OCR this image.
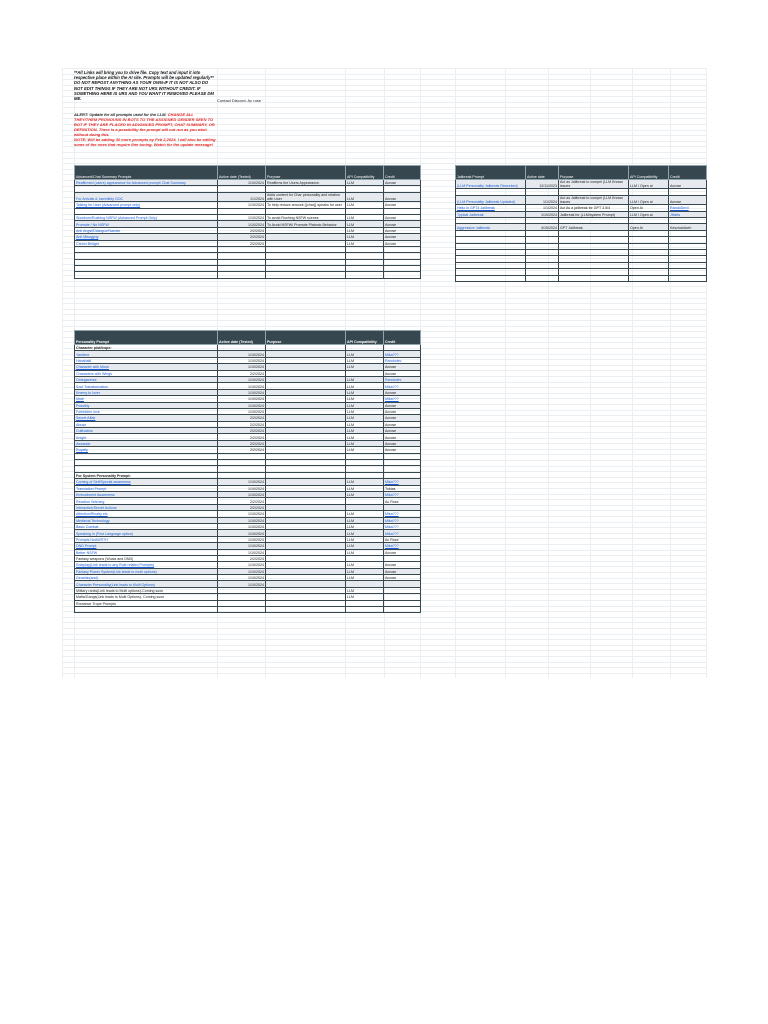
**All Links will bring you to drive file. Copy text and input it into respective place within the AI site. Prompts will be updated regularly**
DO NOT REPOST ANYTHING AS YOUR OWN-IF IT IS NOT ALSO DO NOT EDIT THINGS IF THEY ARE NOT URS WITHOUT CREDIT. IF SOMETHING HERE IS URS AND YOU WANT IT REMOVED PLEASE DM ME.	Contact Discord: Ac rose
ALERT: Update for all prompts used for the LLM. CHANGE ALL THEY/THEM PRONOUNS IN BOTS TO THE ASSIGNED GENDER SEEN TO BOT IF THEY ARE PLACED IN ADVANCED PROMPT, CHAT SUMMARY, OR DEFINITION. There is a possibility the prompt will not run as you wish without doing this.
NOTE: Will be adding 30 more prompts by Feb 2,2024. I will also be editing some of the ones that require fine tuning. Watch for the update message!
Advanced/Chat Summary Prompts	Active date (Tested)	Purpose	API Compatibility	Credit
Reaffirmed (users) appearance for Advanced prompt/ Chat Summary	1/10/2024	Reaffirms the Users Appearance.	LLM	Acrose

For Arrivals & Incredibly OOC	1/1/2024	Adds context for Char personality and relation with User	LLM	Acrose
Talking for User (Advanced prompt only)	1/10/2024	To help reduce amount {{char}} speaks for user	LLM	Acrose

Slowburn/Rushing NSFW (Advanced Prompt Only)	1/10/2024	To avoid Rushing NSFW scenes	LLM	Acrose
Promote / No NSFW	1/10/2024	To Avoid NSFW/ Promote Platonic Behavior	LLM	Acrose
Anti Angst/Dialogue/Narrate	2/2/2024		LLM	Acrose
Anti Misogyny	2/2/2024		LLM	Acrose
Canon Bridger	2/2/2024		LLM	Acrose

Jailbreak Prompt	Active date	Purpose	API Compatibility	Credit
(LLM Personality Jailbreak Reworked)	12/11/2023	Act as Jailbreak to compel (LLM Known issues	LLM / Open ai	Acrose

(LLM Personality Jailbreak Updated)	1/1/2024	Act as Jailbreak to compel (LLM Known issues	LLM / Open ai	Acrose
Hello in GPT4 Jailbreak	1/1/2024	Act As a jailbreak for GPT 3.5/4	Open Ai	RandoDevil
Typical Jailbreak	1/10/2024	Jailbreak for (LLM/system Prompt)	LLM / Open ai	Jiblets

Aggressive Jailbreak	4/15/2024	GPT Jailbreak	Open Ai	Keschaldiceh

Personality Prompt	Active date (Tested)	Purpose	API Compatibility	Credit
Character plot/trope:				
Yandere	1/10/2024		LLM	Mika???
Hanahaki	1/10/2024		LLM	Randodev
Character with Muse	1/10/2024		LLM	Acrose
Characters with Wings	2/2/2024			Acrose
Omegaverse	1/10/2024		LLM	Randodev
Soul Transformation	1/10/2024		LLM	Mika???
Enemy to lover	1/10/2024		LLM	Acrose
Mute	1/10/2024		LLM	Mika???
Possibly	1/10/2024		LLM	Acrose
Forbidden love	1/10/2024		LLM	Acrose
Secret Affair	2/2/2024		LLM	Acrose
Abuse	2/2/2024		LLM	Acrose
Cultivation	2/2/2024		LLM	Acrose
Knight	2/2/2024		LLM	Acrose
Assassin	2/2/2024		LLM	Acrose
Royalty	2/2/2024		LLM	Acrose

For System Personality Prompt:				
Coming of Self/Special awareness	1/10/2024		LLM	Mika???
Translation Prompt	1/10/2024		LLM	Tobias
Embodiment Awareness	1/10/2024		LLM	Mika???
Reaction Warning	2/2/2024			Ac Rose
Interactive/Secret Actions	2/2/2024			
Affection/Rivalry etc	1/10/2024		LLM	Mika???
Medieval Technology	1/10/2024		LLM	Mika???
Basic Combat	1/10/2024		LLM	Mika???
Speaking in (First Language option)	1/10/2024		LLM	Mika???
Prompts NoAWSTH	1/10/2024		LLM	Ac Rose
DND Prompt	1/10/2024		LLM	Mika???
Better NSFW	1/10/2024		LLM	Acrose
Fantasy weapons (Wuxia and DND)	2/2/2024			
Roleplay(Link leads to any Role related Prompts)	1/10/2024		LLM	Acrose
Fantasy Power System(Link leads to multi options)	1/10/2024		LLM	Acrose
Genshin(and)	1/10/2024		LLM	Acrose
Character Personality(Link leads to Multi Options)	1/10/2024			
Military ranks(Link leads to Multi options)-Coming soon			LLM	
Mafia/Gangs(Link leads to Multi Options)- Coming soon			LLM	
Romance Trope Prompts				
